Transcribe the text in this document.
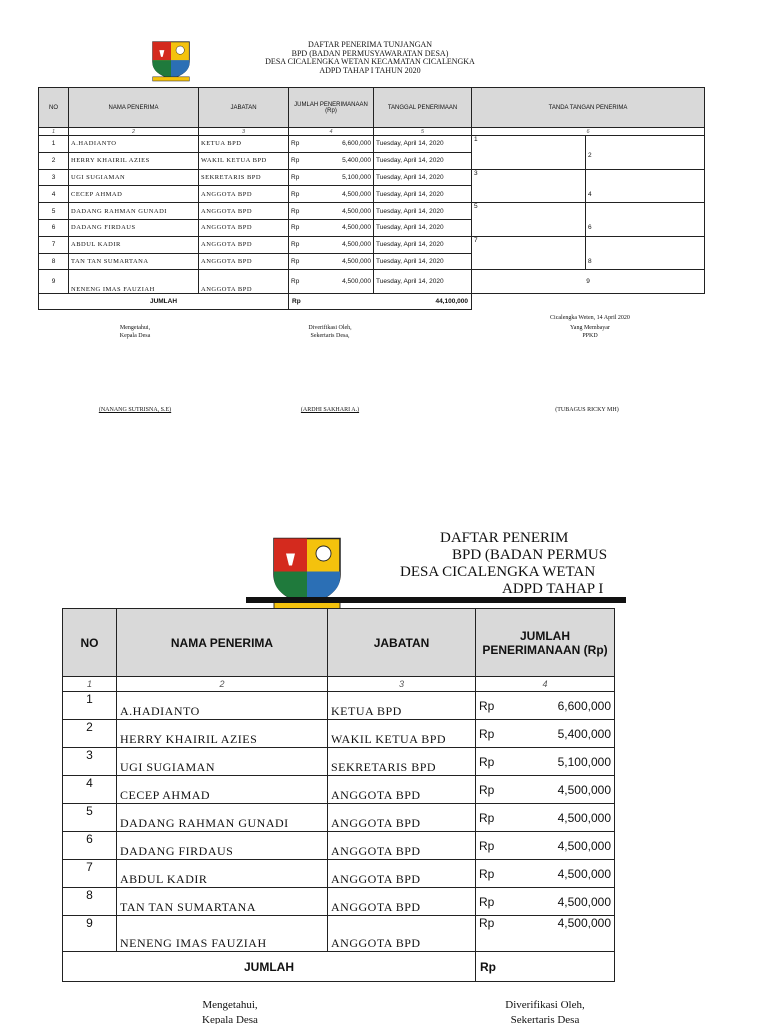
DAFTAR PENERIMA TUNJANGAN
BPD (BADAN PERMUSYAWARATAN DESA)
DESA CICALENGKA WETAN KECAMATAN CICALENGKA
ADPD TAHAP I TAHUN 2020
NO	NAMA PENERIMA	JABATAN	JUMLAH PENERIMANAAN (Rp)	TANGGAL PENERIMAAN	TANDA TANGAN PENERIMA	
1	2	3	4	5	6	
1	A.HADIANTO	KETUA BPD	Rp 6,600,000	Tuesday, April 14, 2020	1	
2	HERRY KHAIRIL AZIES	WAKIL KETUA BPD	Rp 5,400,000	Tuesday, April 14, 2020		2
3	UGI SUGIAMAN	SEKRETARIS BPD	Rp 5,100,000	Tuesday, April 14, 2020	3	
4	CECEP AHMAD	ANGGOTA BPD	Rp 4,500,000	Tuesday, April 14, 2020		4
5	DADANG RAHMAN GUNADI	ANGGOTA BPD	Rp 4,500,000	Tuesday, April 14, 2020	5	
6	DADANG FIRDAUS	ANGGOTA BPD	Rp 4,500,000	Tuesday, April 14, 2020		6
7	ABDUL KADIR	ANGGOTA BPD	Rp 4,500,000	Tuesday, April 14, 2020	7	
8	TAN TAN SUMARTANA	ANGGOTA BPD	Rp 4,500,000	Tuesday, April 14, 2020		8
9	NENENG IMAS FAUZIAH	ANGGOTA BPD	Rp 4,500,000	Tuesday, April 14, 2020	9	
JUMLAH			Rp 44,100,000			

Cicalengka Weten, 14 April 2020
Mengetahui,
Kepala Desa
Diverifikasi Oleh,
Sekertaris Desa,
Yang Membayar
PPKD
(NANANG SUTRISNA, S.E)	(ARDHI SAKHARI A.)	(TUBAGUS RICKY MH)
DAFTAR PENERIM
BPD (BADAN PERMUS
DESA CICALENGKA WETAN
ADPD TAHAP I
NO	NAMA PENERIMA	JABATAN	JUMLAH PENERIMANAAN (Rp)
1	2	3	4
1	A.HADIANTO	KETUA BPD	Rp 6,600,000

2	HERRY KHAIRIL AZIES	WAKIL KETUA BPD	Rp 5,400,000

3	UGI SUGIAMAN	SEKRETARIS BPD	Rp 5,100,000

4	CECEP AHMAD	ANGGOTA BPD	Rp 4,500,000

5	DADANG RAHMAN GUNADI	ANGGOTA BPD	Rp 4,500,000

6	DADANG FIRDAUS	ANGGOTA BPD	Rp 4,500,000

7	ABDUL KADIR	ANGGOTA BPD	Rp 4,500,000

8	TAN TAN SUMARTANA	ANGGOTA BPD	Rp 4,500,000

9	NENENG IMAS FAUZIAH	ANGGOTA BPD	Rp 4,500,000

JUMLAH			Rp
Mengetahui,
Kepala Desa
Diverifikasi Oleh,
Sekertaris Desa
